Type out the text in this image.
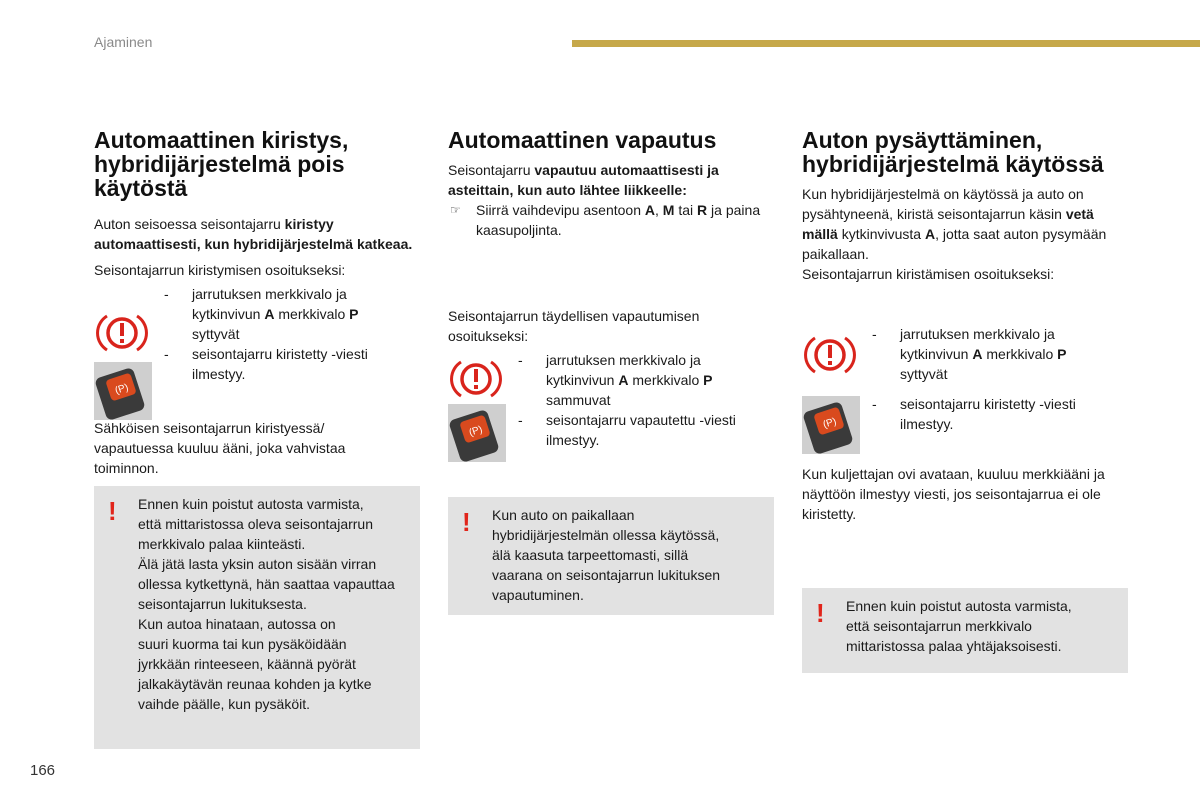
Ajaminen
Automaattinen kiristys, hybridijärjestelmä pois käytöstä

Auton seisoessa seisontajarru kiristyy automaattisesti, kun hybridijärjestelmä katkeaa.

Seisontajarrun kiristymisen osoitukseksi:

(P)
- jarrutuksen merkkivalo ja kytkinvivun A merkkivalo P
syttyvät
- seisontajarru kiristetty -viesti ilmestyy.

Sähköisen seisontajarrun kiristyessä/ vapautuessa kuuluu ääni, joka vahvistaa toiminnon.

! Ennen kuin poistut autosta varmista,
että mittaristossa oleva seisontajarrun
merkkivalo palaa kiinteästi.
Älä jätä lasta yksin auton sisään virran
ollessa kytkettynä, hän saattaa vapauttaa
seisontajarrun lukituksesta.
Kun autoa hinataan, autossa on
suuri kuorma tai kun pysäköidään
jyrkkään rinteeseen, käännä pyörät
jalkakäytävän reunaa kohden ja kytke
vaihde päälle, kun pysäköit.
Automaattinen vapautus

Seisontajarru vapautuu automaattisesti ja asteittain, kun auto lähtee liikkeelle:

☞ Siirrä vaihdevipu asentoon A, M tai R ja paina kaasupoljinta.

Seisontajarrun täydellisen vapautumisen osoitukseksi:

(P)
- jarrutuksen merkkivalo ja kytkinvivun A merkkivalo P
sammuvat
- seisontajarru vapautettu -viesti ilmestyy.
! Kun auto on paikallaan
hybridijärjestelmän ollessa käytössä,
älä kaasuta tarpeettomasti, sillä
vaarana on seisontajarrun lukituksen
vapautuminen.
Auton pysäyttäminen, hybridijärjestelmä käytössä

Kun hybridijärjestelmä on käytössä ja auto on pysähtyneenä, kiristä seisontajarrun käsin vetä mällä kytkinvivusta A, jotta saat auton pysymään paikallaan.

Seisontajarrun kiristämisen osoitukseksi:

(P)
- jarrutuksen merkkivalo ja kytkinvivun A merkkivalo P
syttyvät
- seisontajarru kiristetty -viesti ilmestyy.

Kun kuljettajan ovi avataan, kuuluu merkkiääni ja näyttöön ilmestyy viesti, jos seisontajarrua ei ole kiristetty.

! Ennen kuin poistut autosta varmista,
että seisontajarrun merkkivalo
mittaristossa palaa yhtäjaksoisesti.
166
